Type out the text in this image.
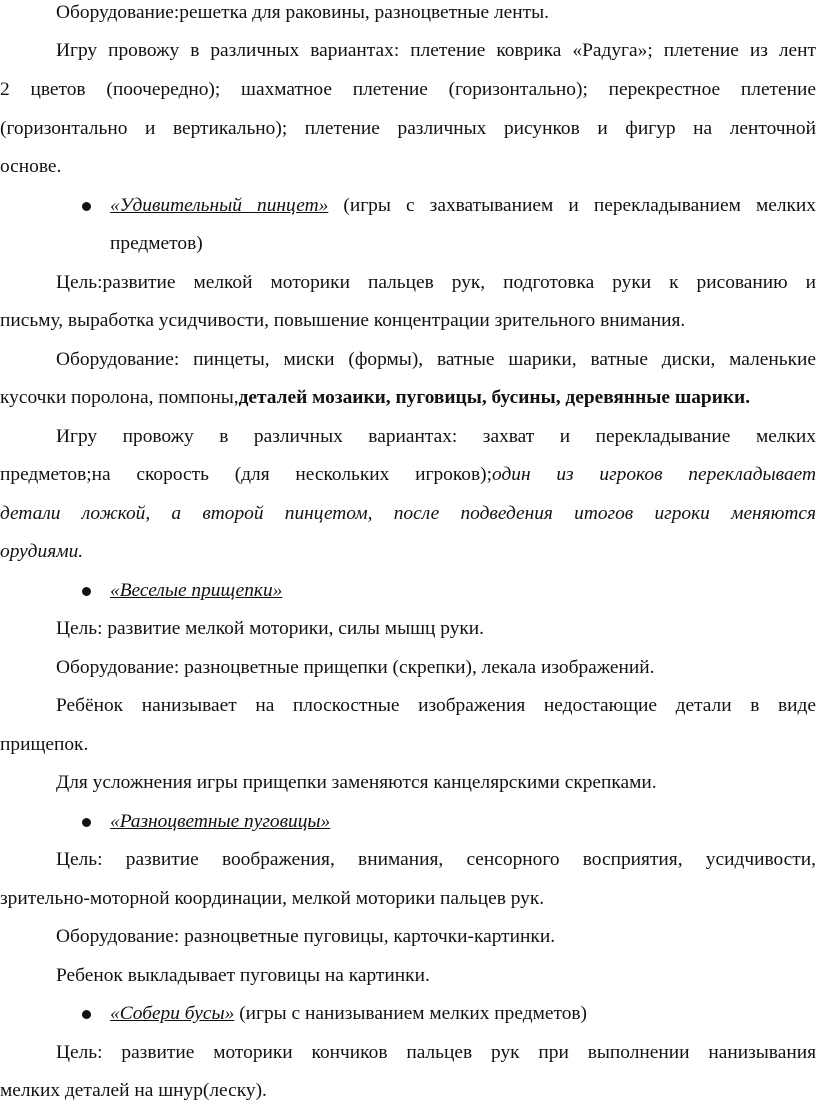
Оборудование:решетка для раковины, разноцветные ленты.
Игру провожу в различных вариантах: плетение коврика «Радуга»; плетение из лент
2 цветов (поочередно); шахматное плетение (горизонтально); перекрестное плетение
(горизонтально и вертикально); плетение различных рисунков и фигур на ленточной
основе.
«Удивительный пинцет» (игры с захватыванием и перекладыванием мелких
предметов)
Цель:развитие мелкой моторики пальцев рук, подготовка руки к рисованию и
письму, выработка усидчивости, повышение концентрации зрительного внимания.
Оборудование: пинцеты, миски (формы), ватные шарики, ватные диски, маленькие
кусочки поролона, помпоны,деталей мозаики, пуговицы, бусины, деревянные шарики.
Игру провожу в различных вариантах: захват и перекладывание мелких
предметов;на скорость (для нескольких игроков);один из игроков перекладывает
детали ложкой, а второй пинцетом, после подведения итогов игроки меняются
орудиями.
«Веселые прищепки»
Цель: развитие мелкой моторики, силы мышц руки.
Оборудование: разноцветные прищепки (скрепки), лекала изображений.
Ребёнок нанизывает на плоскостные изображения недостающие детали в виде
прищепок.
Для усложнения игры прищепки заменяются канцелярскими скрепками.
«Разноцветные пуговицы»
Цель: развитие воображения, внимания, сенсорного восприятия, усидчивости,
зрительно-моторной координации, мелкой моторики пальцев рук.
Оборудование: разноцветные пуговицы, карточки-картинки.
Ребенок выкладывает пуговицы на картинки.
«Собери бусы» (игры с нанизыванием мелких предметов)
Цель: развитие моторики кончиков пальцев рук при выполнении нанизывания
мелких деталей на шнур(леску).
